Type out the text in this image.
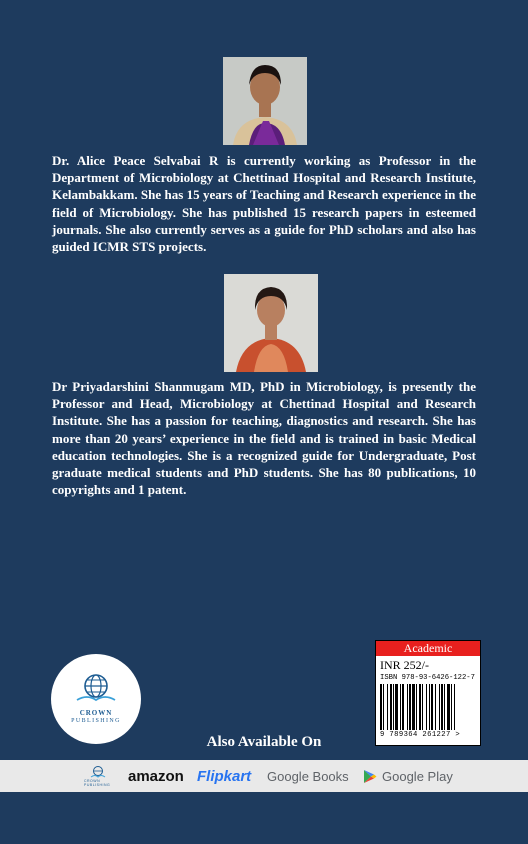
Dr. Alice Peace Selvabai R is currently working as Professor in the Department of Microbiology at Chettinad Hospital and Research Institute, Kelambakkam. She has 15 years of Teaching and Research experience in the field of Microbiology. She has published 15 research papers in esteemed journals. She also currently serves as a guide for PhD scholars and also has guided ICMR STS projects.

Dr Priyadarshini Shanmugam MD, PhD in Microbiology, is presently the Professor and Head, Microbiology at Chettinad Hospital and Research Institute. She has a passion for teaching, diagnostics and research. She has more than 20 years’ experience in the field and is trained in basic Medical education technologies. She is a recognized guide for Undergraduate, Post graduate medical students and PhD students. She has 80 publications, 10 copyrights and 1 patent.

CROWN
PUBLISHING
Academic
INR 252/-
ISBN 978-93-6426-122-7
9 789364 261227 >
Also Available On
CROWN PUBLISHING
amazon Flipkart Google Books	Google Play
